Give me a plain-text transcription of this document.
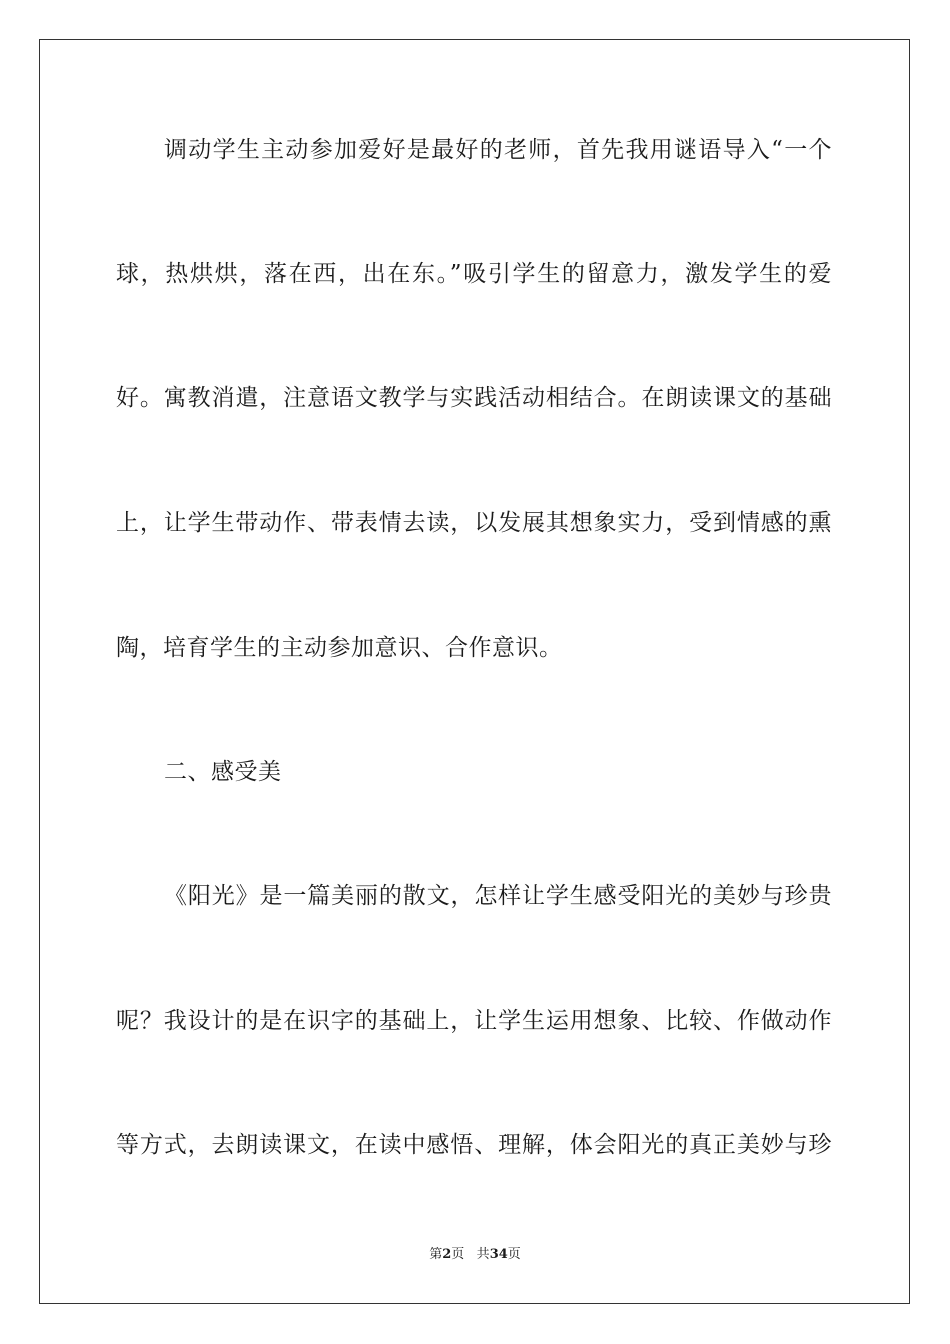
调动学生主动参加爱好是最好的老师，首先我用谜语导入“一个
球，热烘烘，落在西，出在东。”吸引学生的留意力，激发学生的爱
好。寓教消遣，注意语文教学与实践活动相结合。在朗读课文的基础
上，让学生带动作、带表情去读，以发展其想象实力，受到情感的熏
陶，培育学生的主动参加意识、合作意识。
二、感受美
《阳光》是一篇美丽的散文，怎样让学生感受阳光的美妙与珍贵
呢？我设计的是在识字的基础上，让学生运用想象、比较、作做动作
等方式，去朗读课文，在读中感悟、理解，体会阳光的真正美妙与珍
第2页 共34页
